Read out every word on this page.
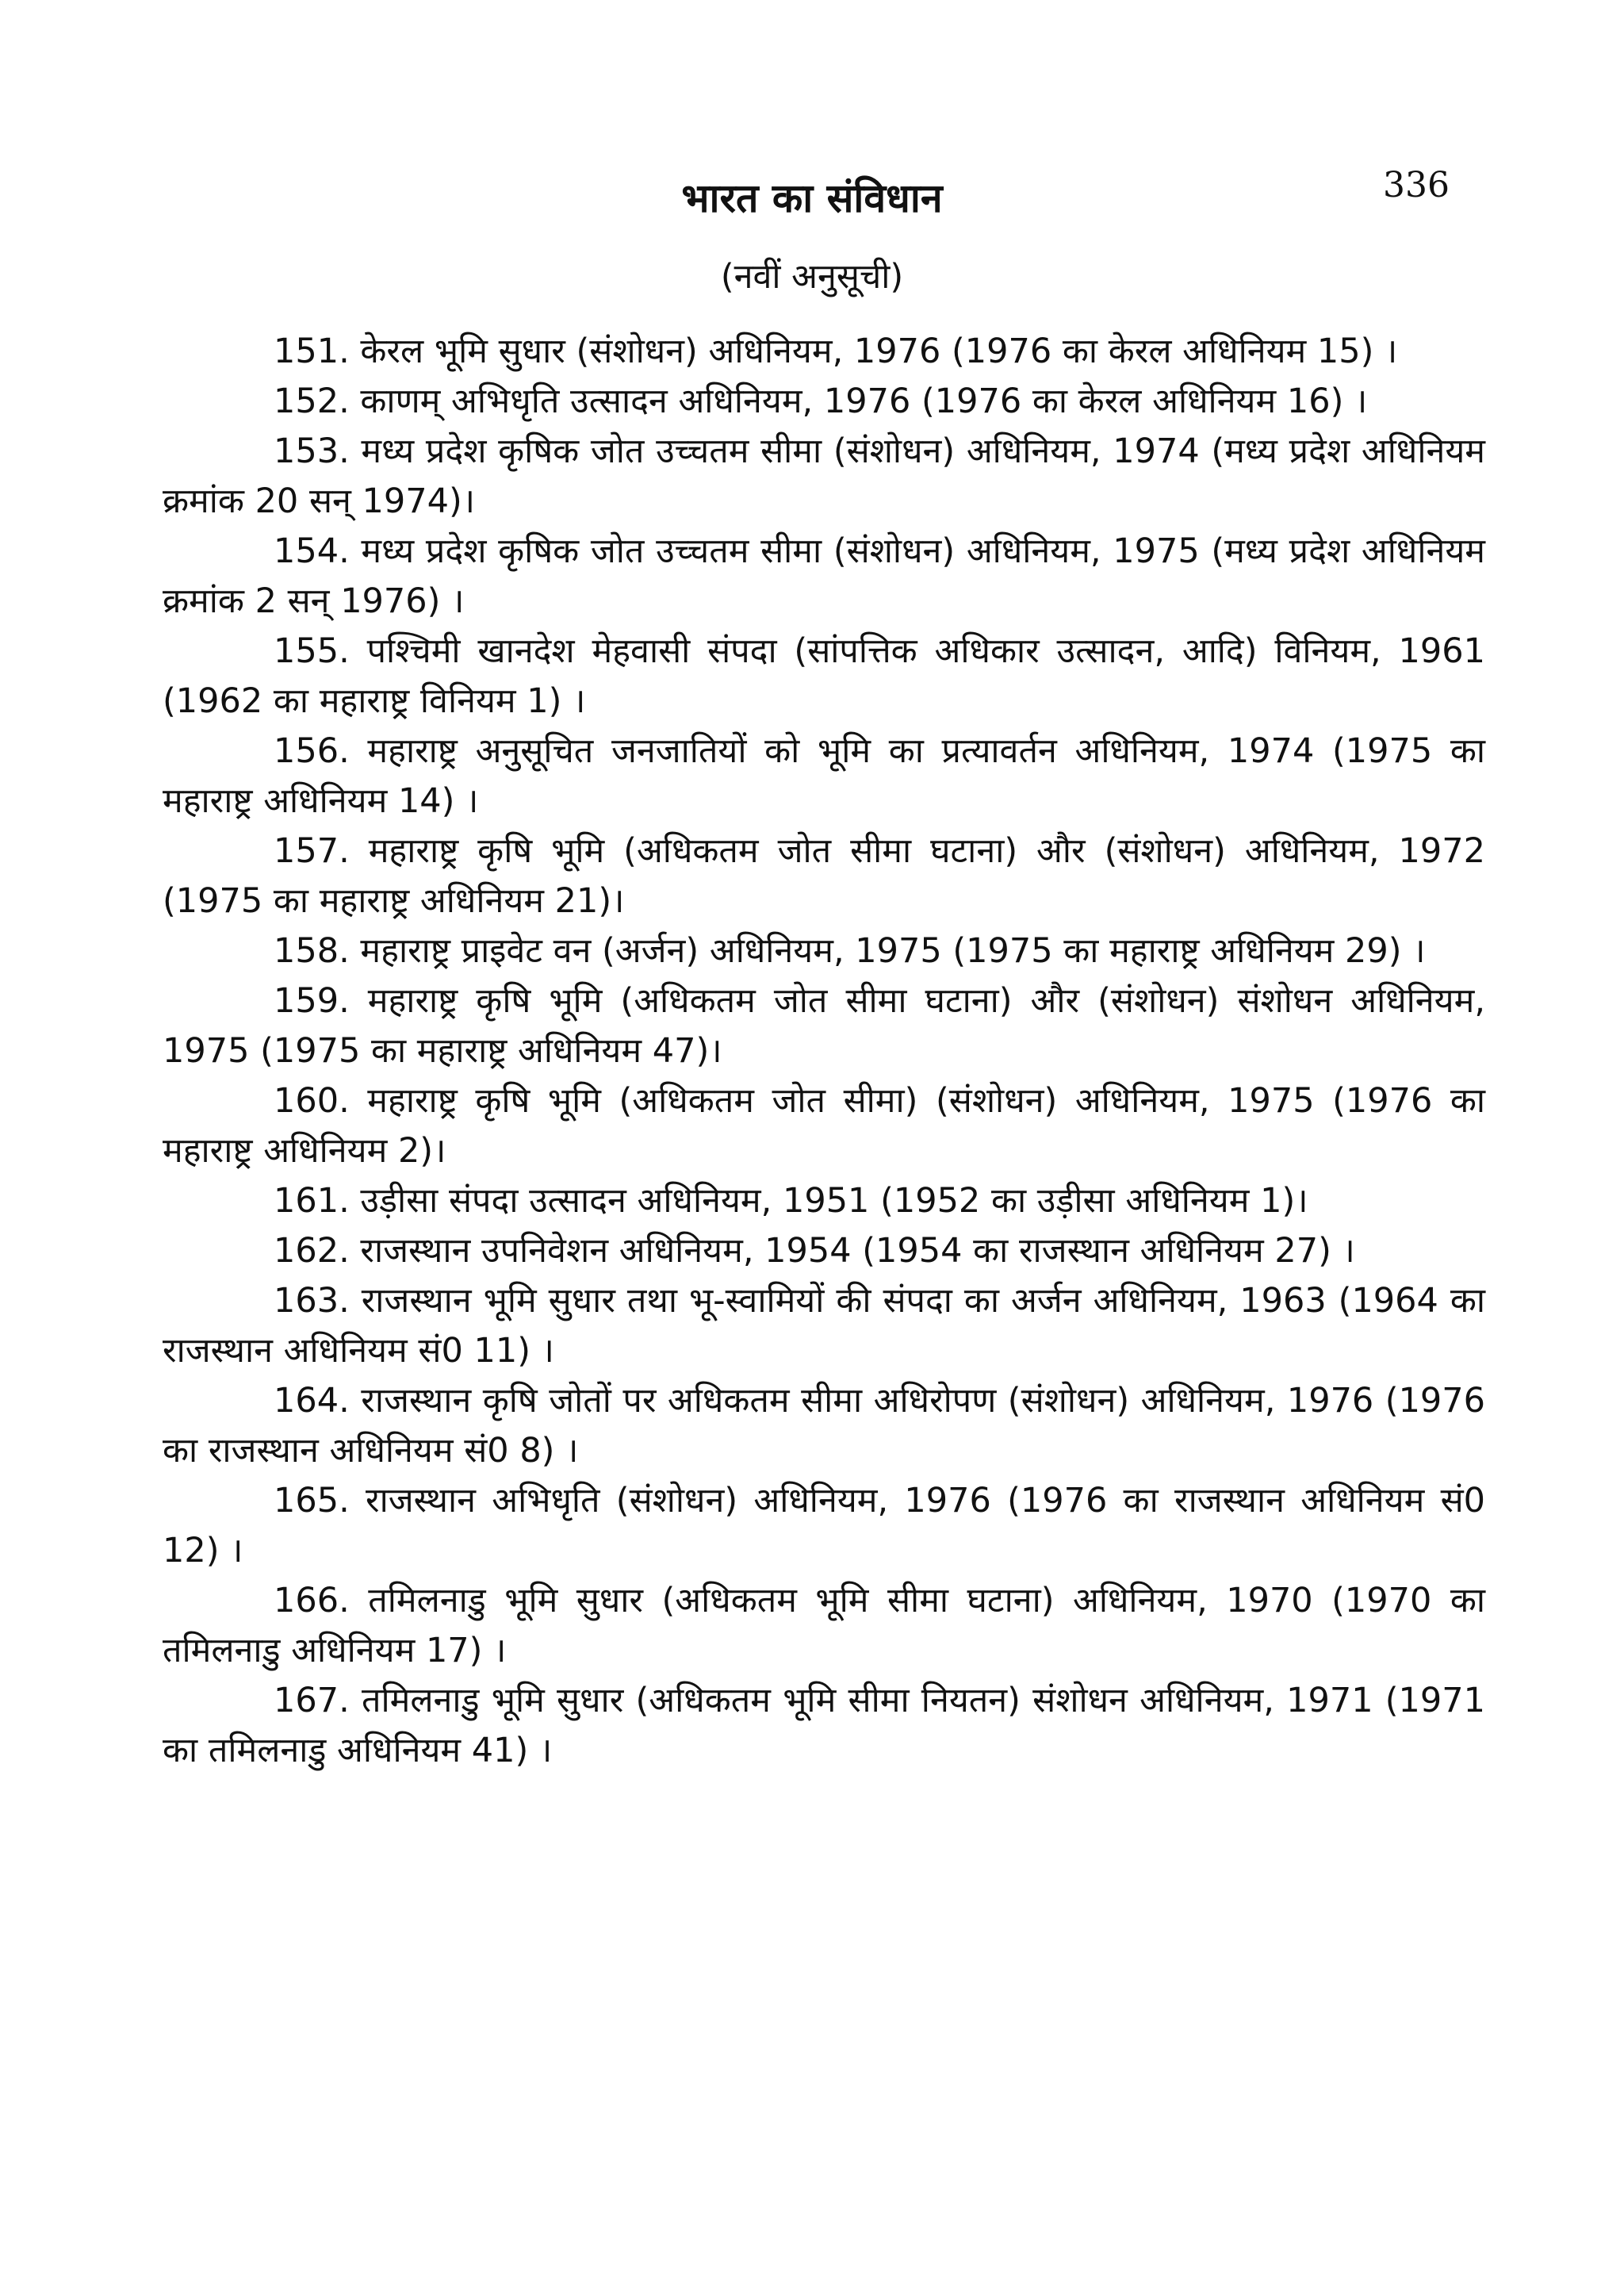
336
भारत का संविधान
(नवीं अनुसूची)
151. केरल भूमि सुधार (संशोधन) अधिनियम, 1976 (1976 का केरल अधिनियम 15) ।
152. काणम् अभिधृति उत्सादन अधिनियम, 1976 (1976 का केरल अधिनियम 16) ।
153. मध्य प्रदेश कृषिक जोत उच्चतम सीमा (संशोधन) अधिनियम, 1974 (मध्य प्रदेश अधिनियम क्रमांक 20 सन् 1974)।
154. मध्य प्रदेश कृषिक जोत उच्चतम सीमा (संशोधन) अधिनियम, 1975 (मध्य प्रदेश अधिनियम क्रमांक 2 सन् 1976) ।
155. पश्चिमी खानदेश मेहवासी संपदा (सांपत्तिक अधिकार उत्सादन, आदि) विनियम, 1961 (1962 का महाराष्ट्र विनियम 1) ।
156. महाराष्ट्र अनुसूचित जनजातियों को भूमि का प्रत्यावर्तन अधिनियम, 1974 (1975 का महाराष्ट्र अधिनियम 14) ।
157. महाराष्ट्र कृषि भूमि (अधिकतम जोत सीमा घटाना) और (संशोधन) अधिनियम, 1972 (1975 का महाराष्ट्र अधिनियम 21)।
158. महाराष्ट्र प्राइवेट वन (अर्जन) अधिनियम, 1975 (1975 का महाराष्ट्र अधिनियम 29) ।
159. महाराष्ट्र कृषि भूमि (अधिकतम जोत सीमा घटाना) और (संशोधन) संशोधन अधिनियम, 1975 (1975 का महाराष्ट्र अधिनियम 47)।
160. महाराष्ट्र कृषि भूमि (अधिकतम जोत सीमा) (संशोधन) अधिनियम, 1975 (1976 का महाराष्ट्र अधिनियम 2)।
161. उड़ीसा संपदा उत्सादन अधिनियम, 1951 (1952 का उड़ीसा अधिनियम 1)।
162. राजस्थान उपनिवेशन अधिनियम, 1954 (1954 का राजस्थान अधिनियम 27) ।
163. राजस्थान भूमि सुधार तथा भू-स्वामियों की संपदा का अर्जन अधिनियम, 1963 (1964 का राजस्थान अधिनियम सं0 11) ।
164. राजस्थान कृषि जोतों पर अधिकतम सीमा अधिरोपण (संशोधन) अधिनियम, 1976 (1976 का राजस्थान अधिनियम सं0 8) ।
165. राजस्थान अभिधृति (संशोधन) अधिनियम, 1976 (1976 का राजस्थान अधिनियम सं0 12) ।
166. तमिलनाडु भूमि सुधार (अधिकतम भूमि सीमा घटाना) अधिनियम, 1970 (1970 का तमिलनाडु अधिनियम 17) ।
167. तमिलनाडु भूमि सुधार (अधिकतम भूमि सीमा नियतन) संशोधन अधिनियम, 1971 (1971 का तमिलनाडु अधिनियम 41) ।
